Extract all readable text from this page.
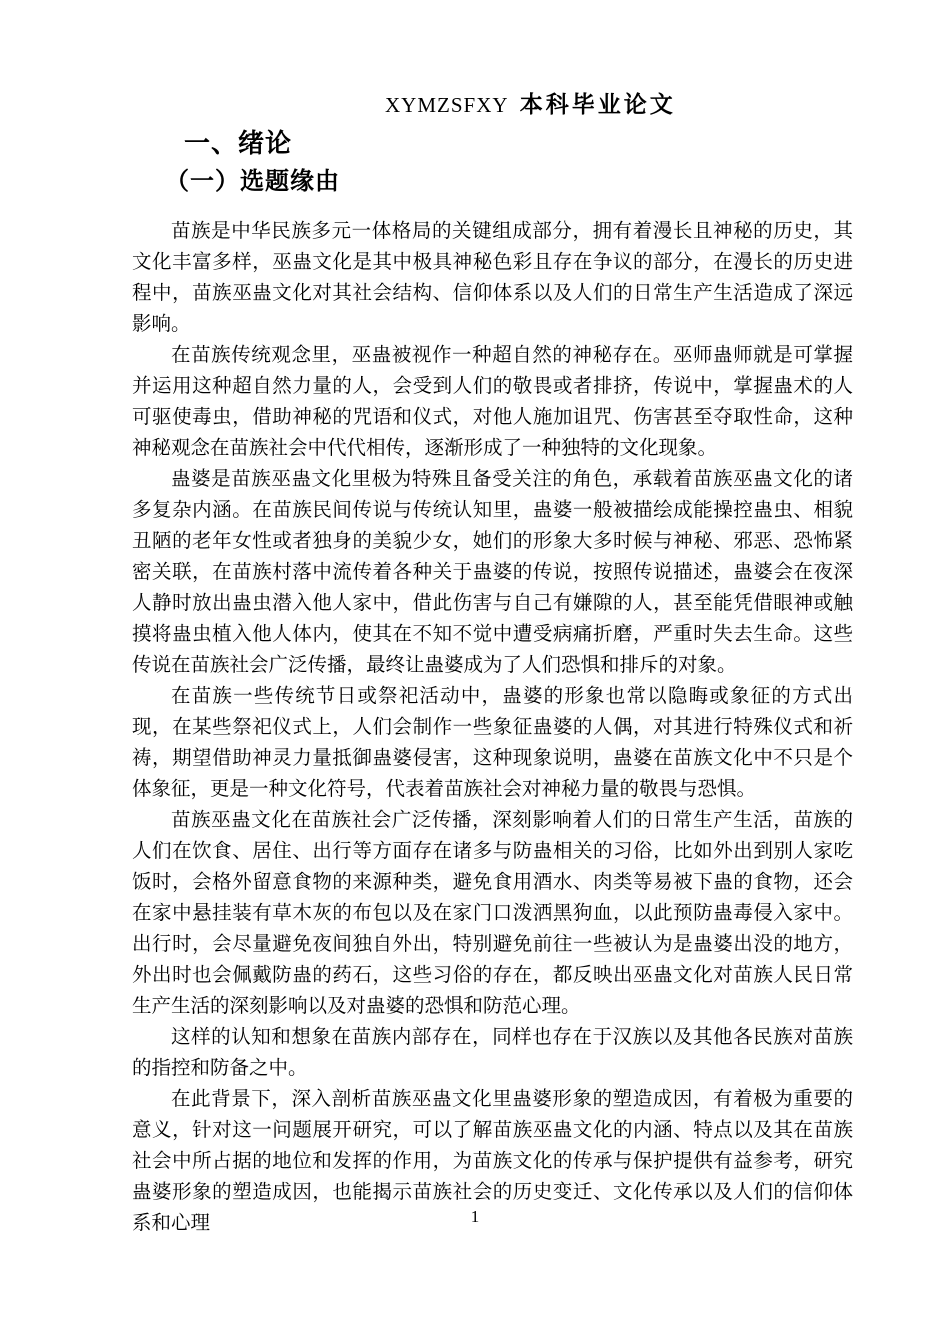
XYMZSFXY 本科毕业论文
一、绪论
（一）选题缘由

苗族是中华民族多元一体格局的关键组成部分，拥有着漫长且神秘的历史，其文化丰富多样，巫蛊文化是其中极具神秘色彩且存在争议的部分，在漫长的历史进程中，苗族巫蛊文化对其社会结构、信仰体系以及人们的日常生产生活造成了深远影响。

在苗族传统观念里，巫蛊被视作一种超自然的神秘存在。巫师蛊师就是可掌握并运用这种超自然力量的人，会受到人们的敬畏或者排挤，传说中，掌握蛊术的人可驱使毒虫，借助神秘的咒语和仪式，对他人施加诅咒、伤害甚至夺取性命，这种神秘观念在苗族社会中代代相传，逐渐形成了一种独特的文化现象。

蛊婆是苗族巫蛊文化里极为特殊且备受关注的角色，承载着苗族巫蛊文化的诸多复杂内涵。在苗族民间传说与传统认知里，蛊婆一般被描绘成能操控蛊虫、相貌丑陋的老年女性或者独身的美貌少女，她们的形象大多时候与神秘、邪恶、恐怖紧密关联，在苗族村落中流传着各种关于蛊婆的传说，按照传说描述，蛊婆会在夜深人静时放出蛊虫潜入他人家中，借此伤害与自己有嫌隙的人，甚至能凭借眼神或触摸将蛊虫植入他人体内，使其在不知不觉中遭受病痛折磨，严重时失去生命。这些传说在苗族社会广泛传播，最终让蛊婆成为了人们恐惧和排斥的对象。

在苗族一些传统节日或祭祀活动中，蛊婆的形象也常以隐晦或象征的方式出现，在某些祭祀仪式上，人们会制作一些象征蛊婆的人偶，对其进行特殊仪式和祈祷，期望借助神灵力量抵御蛊婆侵害，这种现象说明，蛊婆在苗族文化中不只是个体象征，更是一种文化符号，代表着苗族社会对神秘力量的敬畏与恐惧。

苗族巫蛊文化在苗族社会广泛传播，深刻影响着人们的日常生产生活，苗族的人们在饮食、居住、出行等方面存在诸多与防蛊相关的习俗，比如外出到别人家吃饭时，会格外留意食物的来源种类，避免食用酒水、肉类等易被下蛊的食物，还会在家中悬挂装有草木灰的布包以及在家门口泼洒黑狗血，以此预防蛊毒侵入家中。出行时，会尽量避免夜间独自外出，特别避免前往一些被认为是蛊婆出没的地方，外出时也会佩戴防蛊的药石，这些习俗的存在，都反映出巫蛊文化对苗族人民日常生产生活的深刻影响以及对蛊婆的恐惧和防范心理。

这样的认知和想象在苗族内部存在，同样也存在于汉族以及其他各民族对苗族的指控和防备之中。

在此背景下，深入剖析苗族巫蛊文化里蛊婆形象的塑造成因，有着极为重要的意义，针对这一问题展开研究，可以了解苗族巫蛊文化的内涵、特点以及其在苗族社会中所占据的地位和发挥的作用，为苗族文化的传承与保护提供有益参考，研究蛊婆形象的塑造成因，也能揭示苗族社会的历史变迁、文化传承以及人们的信仰体系和心理	1
